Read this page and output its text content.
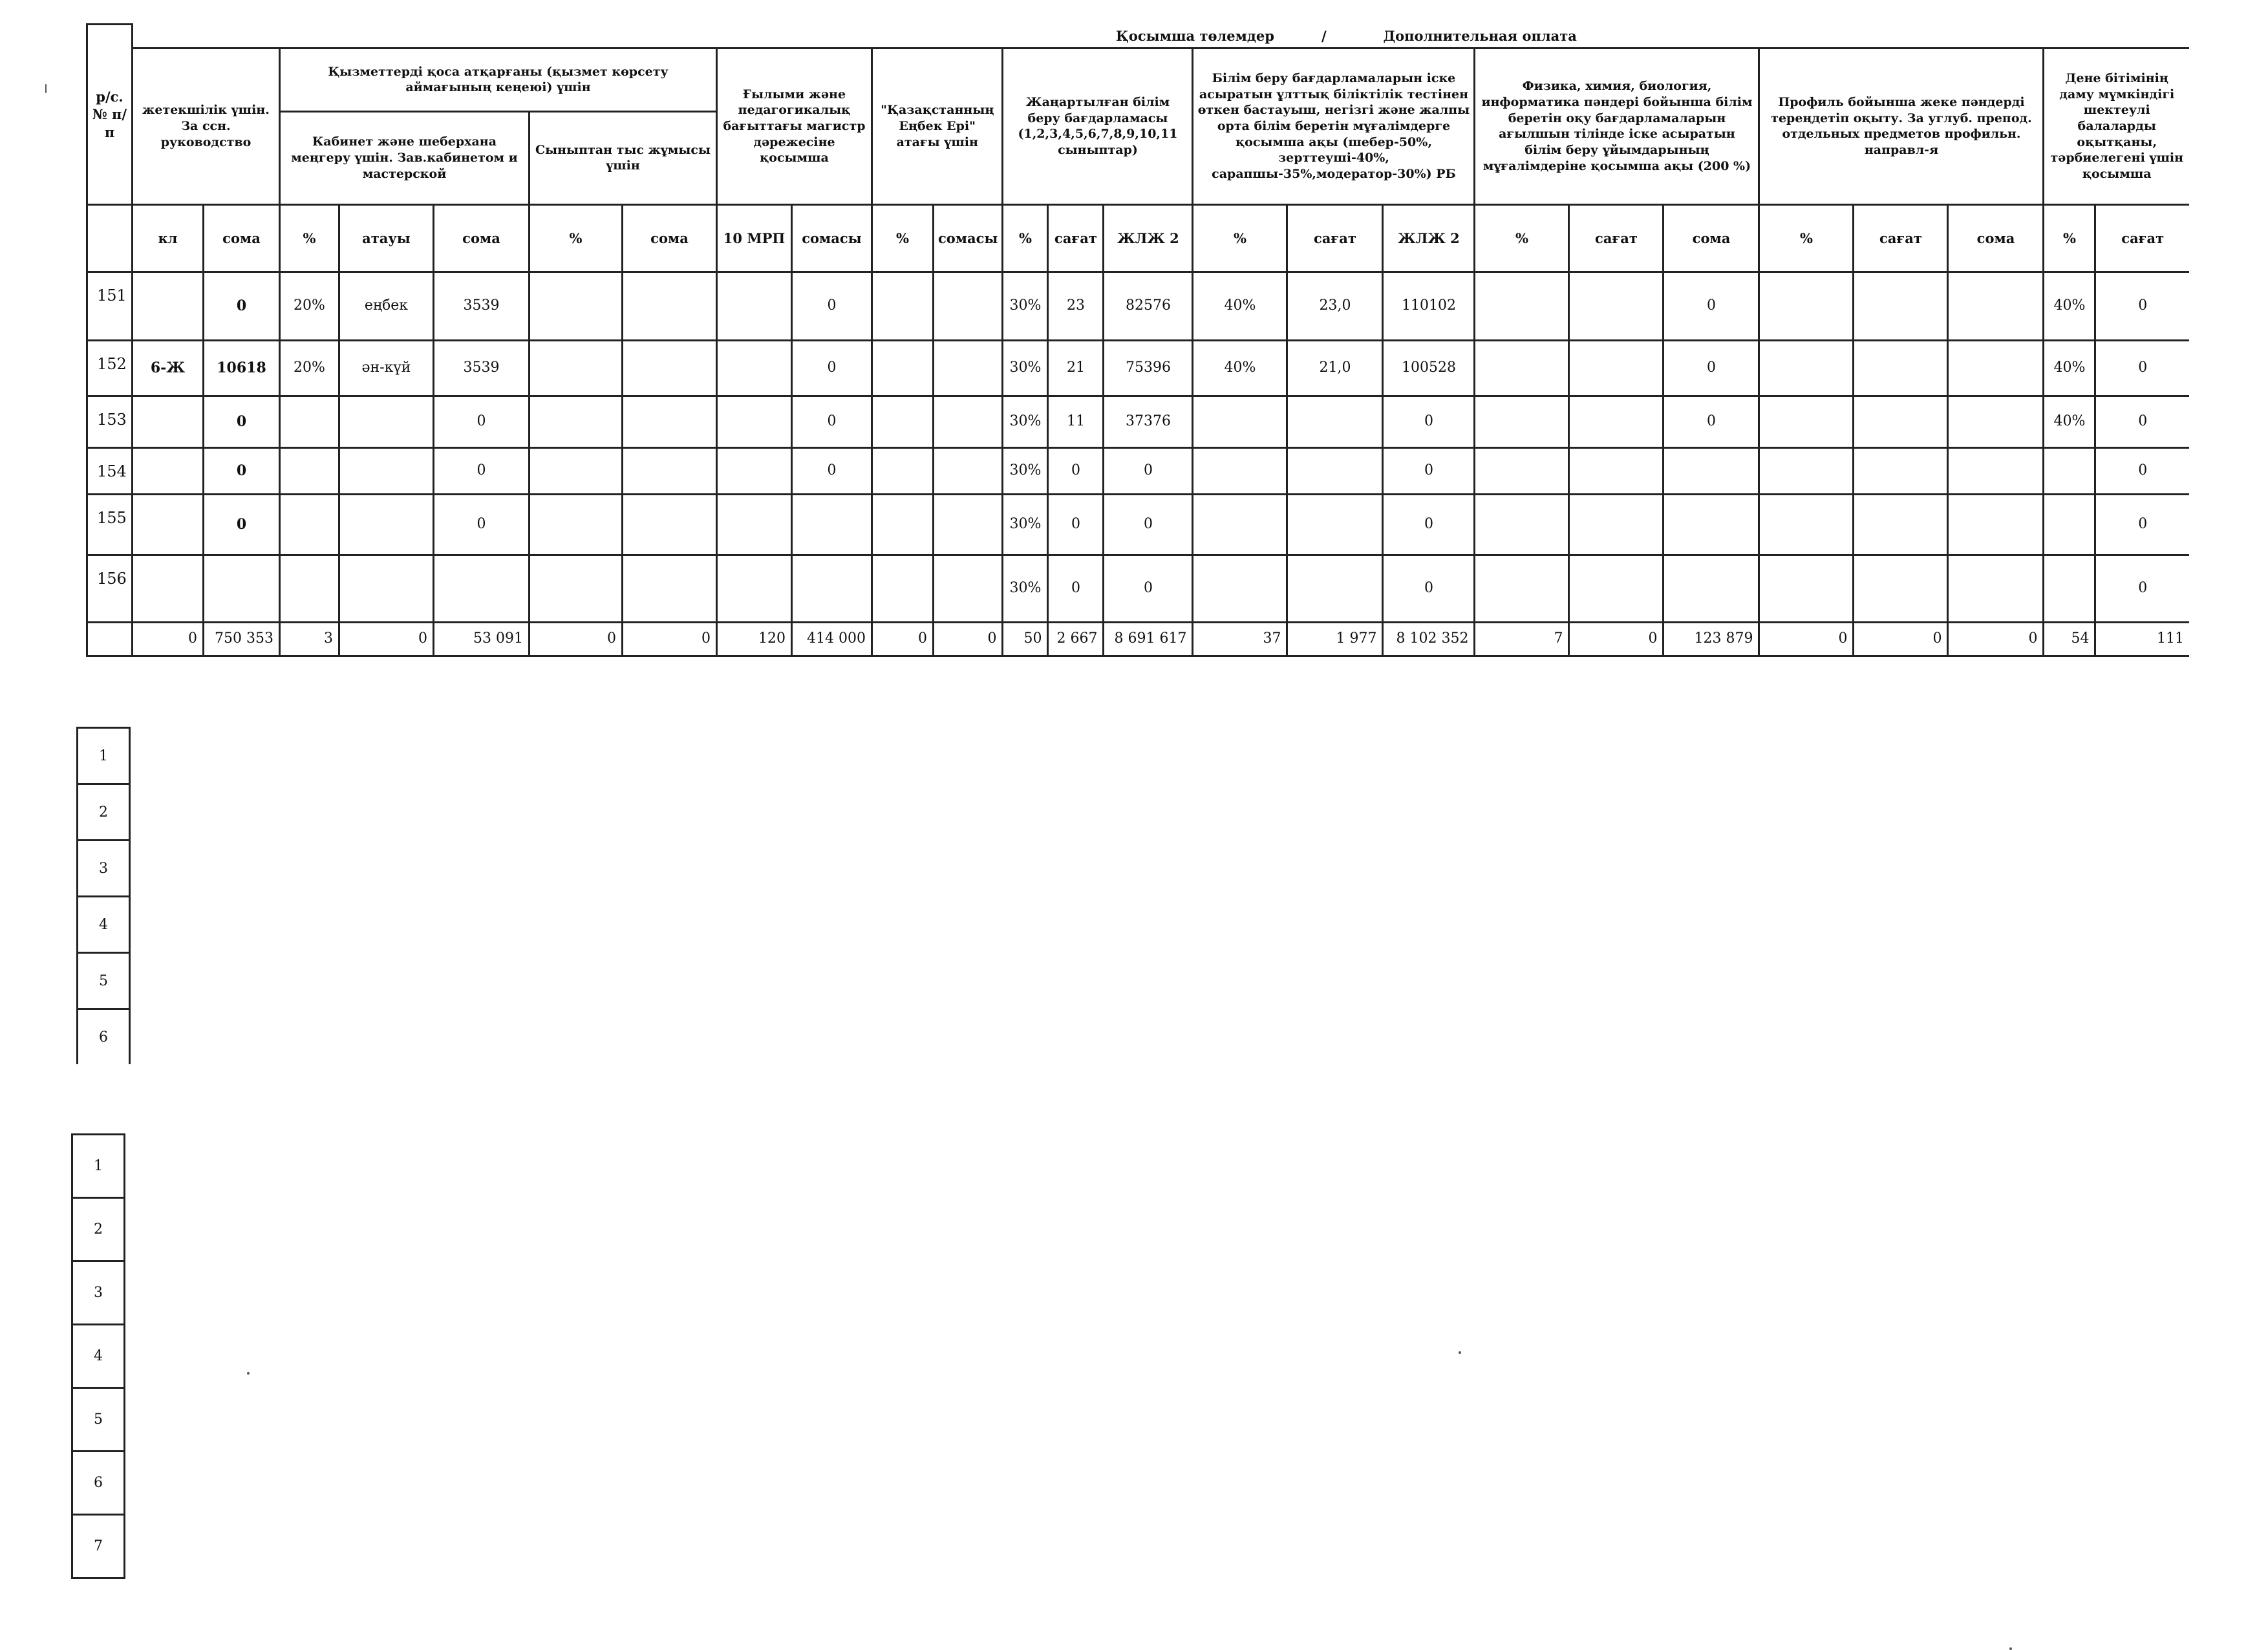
р/с.№ п/п	Қосымша төлемдер          /            Дополнительная оплата																								
	жетекшілік үшін. За ссн. руководство		Қызметтерді қоса атқарғаны (қызмет көрсету аймағының кеңеюі) үшін					Ғылыми және педагогикалық бағыттағы магистр дәрежесіне қосымша		"Қазақстанның Еңбек Ері" атағы үшін		Жаңартылған білім беру бағдарламасы (1,2,3,4,5,6,7,8,9,10,11 сыныптар)			Білім беру бағдарламаларын іске асыратын ұлттық біліктілік тестінен өткен бастауыш, негізгі және жалпы орта білім беретін мұғалімдерге қосымша ақы (шебер-50%, зерттеуші-40%, сарапшы-35%,модератор-30%) РБ			Физика, химия, биология, информатика пәндері бойынша білім беретін оқу бағдарламаларын ағылшын тілінде іске асыратын білім беру ұйымдарының мұғалімдеріне қосымша ақы (200 %)			Профиль бойынша жеке пәндерді тереңдетіп оқыту. За углуб. препод. отдельных предметов профильн. направл-я			Дене бітімінің даму мүмкіндігі шектеулі балаларды оқытқаны, тәрбиелегені үшін қосымша	
			Кабинет және шеберхана меңгеру үшін. Зав.кабинетом и мастерской			Сыныптан тыс жұмысы үшін																			
	кл	сома	%	атауы	сома	%	сома	10 МРП	сомасы	%	сомасы	%	сағат	ЖЛЖ 2	%	сағат	ЖЛЖ 2	%	сағат	сома	%	сағат	сома	%	сағат
151		0	20%	еңбек	3539				0			30%	23	82576	40%	23,0	110102			0				40%	0
152	6-Ж	10618	20%	ән-күй	3539				0			30%	21	75396	40%	21,0	100528			0				40%	0
153		0			0				0			30%	11	37376			0			0				40%	0
154		0			0				0			30%	0	0			0								0
155		0			0							30%	0	0			0								0
156												30%	0	0			0								0
	0	750 353	3	0	53 091	0	0	120	414 000	0	0	50	2 667	8 691 617	37	1 977	8 102 352	7	0	123 879	0	0	0	54	111
1
2
3
4
5
6
1
2
3
4
5
6
7
